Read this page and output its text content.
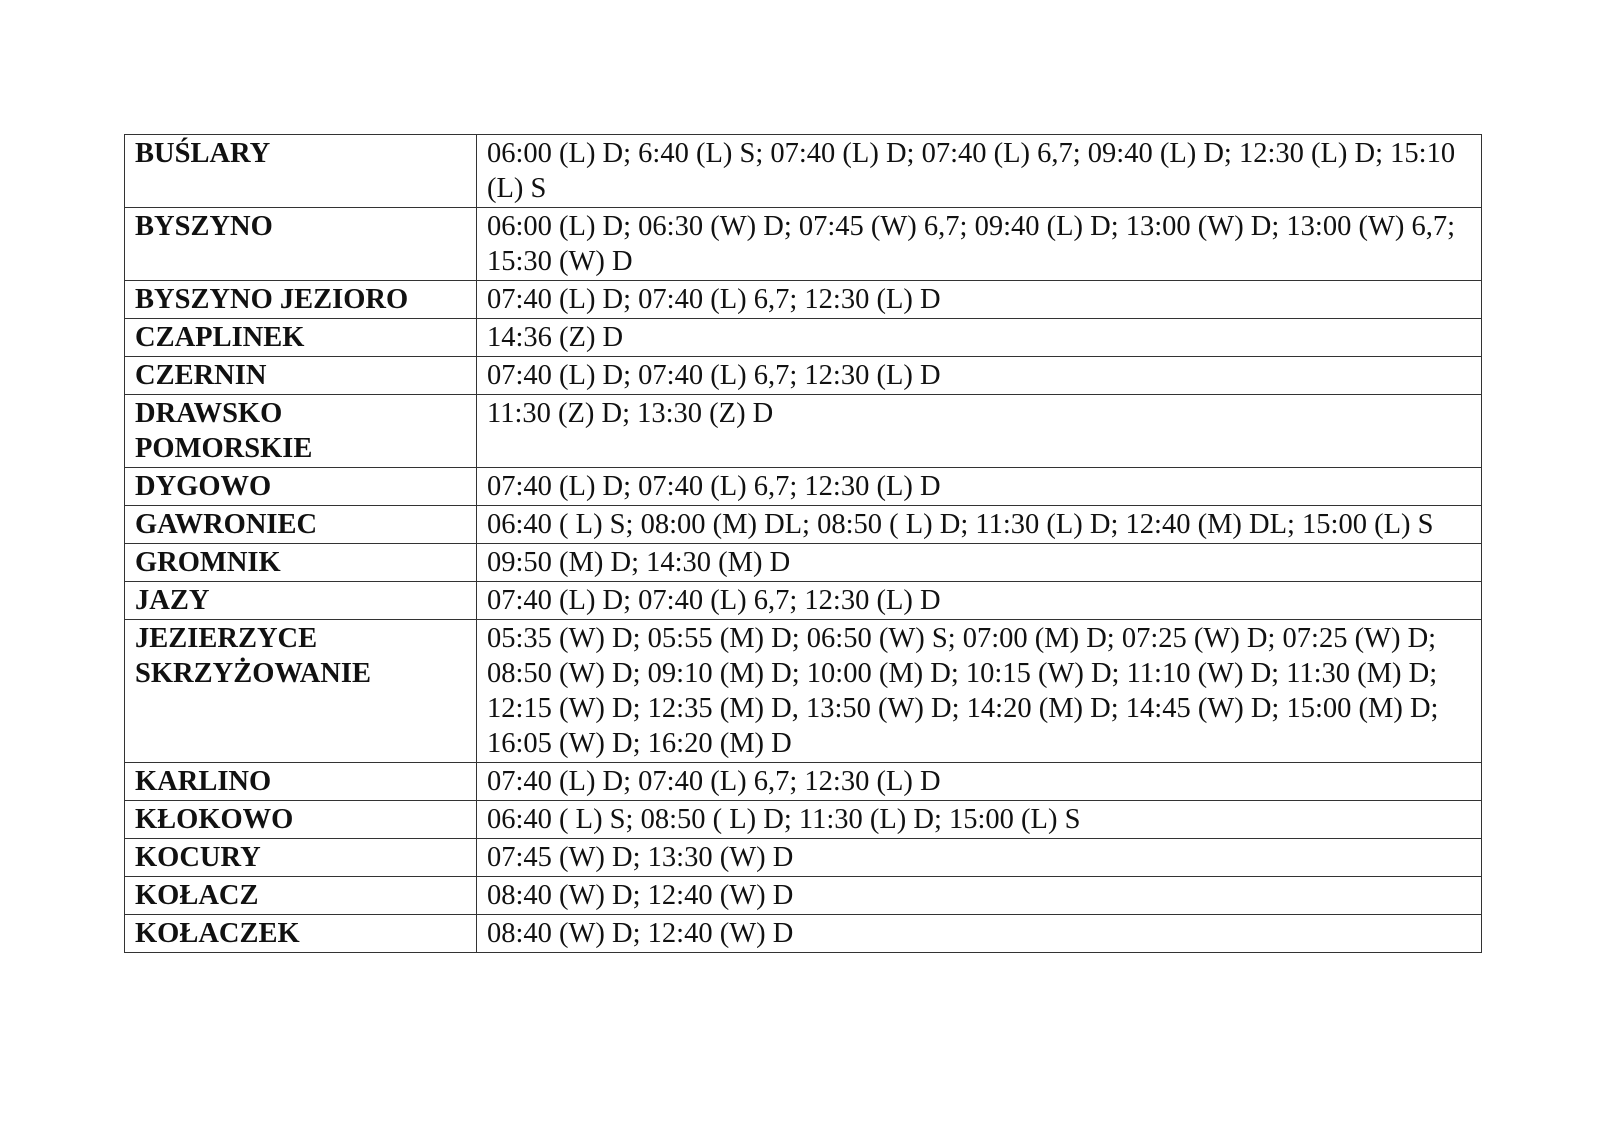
BUŚLARY	06:00 (L) D; 6:40 (L) S; 07:40 (L) D; 07:40 (L) 6,7; 09:40 (L) D; 12:30 (L) D; 15:10 (L) S
BYSZYNO	06:00 (L) D; 06:30 (W) D; 07:45 (W) 6,7; 09:40 (L) D; 13:00 (W) D; 13:00 (W) 6,7; 15:30 (W) D
BYSZYNO JEZIORO	07:40 (L) D; 07:40 (L) 6,7; 12:30 (L) D
CZAPLINEK	14:36 (Z) D
CZERNIN	07:40 (L) D; 07:40 (L) 6,7; 12:30 (L) D
DRAWSKO POMORSKIE	11:30 (Z) D; 13:30 (Z) D
DYGOWO	07:40 (L) D; 07:40 (L) 6,7; 12:30 (L) D
GAWRONIEC	06:40 ( L) S; 08:00 (M) DL; 08:50 ( L) D; 11:30 (L) D; 12:40 (M) DL; 15:00 (L) S
GROMNIK	09:50 (M) D; 14:30 (M) D
JAZY	07:40 (L) D; 07:40 (L) 6,7; 12:30 (L) D
JEZIERZYCE SKRZYŻOWANIE	05:35 (W) D; 05:55 (M) D; 06:50 (W) S; 07:00 (M) D; 07:25 (W) D; 07:25 (W) D; 08:50 (W) D; 09:10 (M) D; 10:00 (M) D; 10:15 (W) D; 11:10 (W) D; 11:30 (M) D; 12:15 (W) D; 12:35 (M) D, 13:50 (W) D; 14:20 (M) D; 14:45 (W) D; 15:00 (M) D; 16:05 (W) D; 16:20 (M) D
KARLINO	07:40 (L) D; 07:40 (L) 6,7; 12:30 (L) D
KŁOKOWO	06:40 ( L) S; 08:50 ( L) D; 11:30 (L) D; 15:00 (L) S
KOCURY	07:45 (W) D; 13:30 (W) D
KOŁACZ	08:40 (W) D; 12:40 (W) D
KOŁACZEK	08:40 (W) D; 12:40 (W) D
